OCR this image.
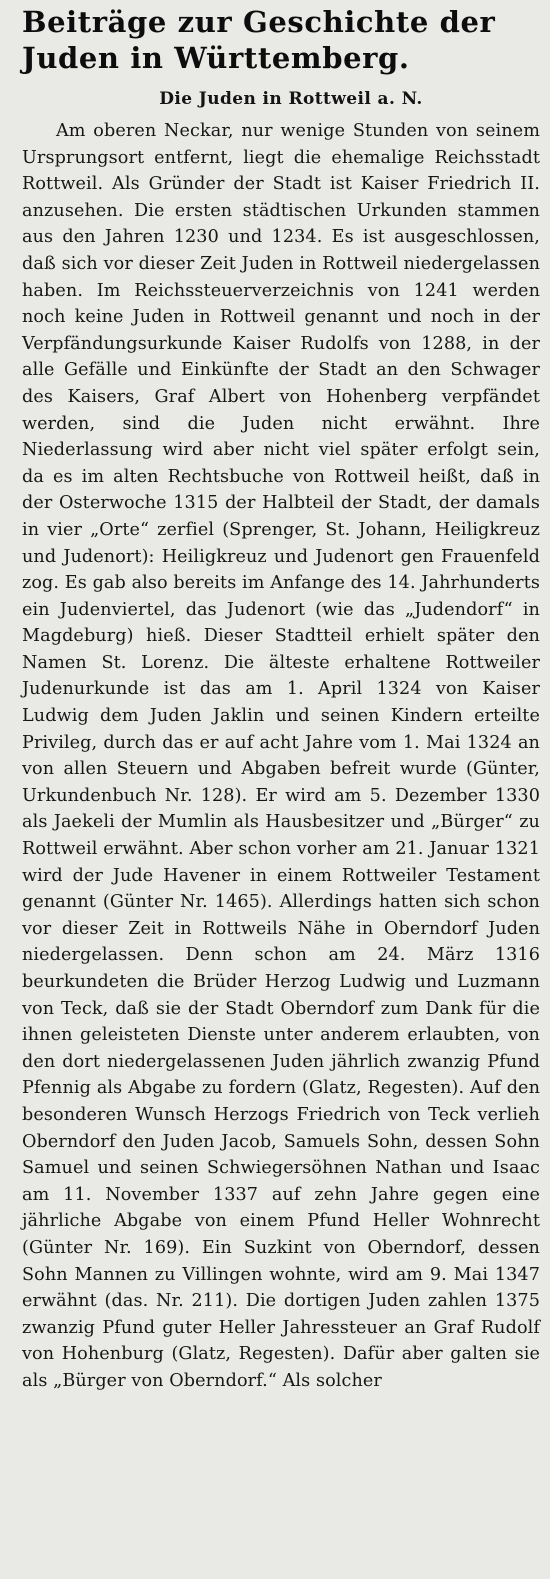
Beiträge zur Geschichte der Juden in Württemberg.
Die Juden in Rottweil a. N.

Am oberen Neckar, nur wenige Stunden von seinem Ursprungsort entfernt, liegt die ehemalige Reichsstadt Rottweil. Als Gründer der Stadt ist Kaiser Friedrich II. anzusehen. Die ersten städtischen Urkunden stammen aus den Jahren 1230 und 1234. Es ist ausgeschlossen, daß sich vor dieser Zeit Juden in Rottweil niedergelassen haben. Im Reichssteuerverzeichnis von 1241 werden noch keine Juden in Rottweil genannt und noch in der Verpfändungsurkunde Kaiser Rudolfs von 1288, in der alle Gefälle und Einkünfte der Stadt an den Schwager des Kaisers, Graf Albert von Hohenberg verpfändet werden, sind die Juden nicht erwähnt. Ihre Niederlassung wird aber nicht viel später erfolgt sein, da es im alten Rechtsbuche von Rottweil heißt, daß in der Osterwoche 1315 der Halbteil der Stadt, der damals in vier „Orte“ zerfiel (Sprenger, St. Johann, Heiligkreuz und Judenort): Heiligkreuz und Judenort gen Frauenfeld zog. Es gab also bereits im Anfange des 14. Jahrhunderts ein Judenviertel, das Judenort (wie das „Judendorf“ in Magdeburg) hieß. Dieser Stadtteil erhielt später den Namen St. Lorenz. Die älteste erhaltene Rottweiler Judenurkunde ist das am 1. April 1324 von Kaiser Ludwig dem Juden Jaklin und seinen Kindern erteilte Privileg, durch das er auf acht Jahre vom 1. Mai 1324 an von allen Steuern und Abgaben befreit wurde (Günter, Urkundenbuch Nr. 128). Er wird am 5. Dezember 1330 als Jaekeli der Mumlin als Hausbesitzer und „Bürger“ zu Rottweil erwähnt. Aber schon vorher am 21. Januar 1321 wird der Jude Havener in einem Rottweiler Testament genannt (Günter Nr. 1465). Allerdings hatten sich schon vor dieser Zeit in Rottweils Nähe in Oberndorf Juden niedergelassen. Denn schon am 24. März 1316 beurkundeten die Brüder Herzog Ludwig und Luzmann von Teck, daß sie der Stadt Oberndorf zum Dank für die ihnen geleisteten Dienste unter anderem erlaubten, von den dort niedergelassenen Juden jährlich zwanzig Pfund Pfennig als Abgabe zu fordern (Glatz, Regesten). Auf den besonderen Wunsch Herzogs Friedrich von Teck verlieh Oberndorf den Juden Jacob, Samuels Sohn, dessen Sohn Samuel und seinen Schwiegersöhnen Nathan und Isaac am 11. November 1337 auf zehn Jahre gegen eine jährliche Abgabe von einem Pfund Heller Wohnrecht (Günter Nr. 169). Ein Suzkint von Oberndorf, dessen Sohn Mannen zu Villingen wohnte, wird am 9. Mai 1347 erwähnt (das. Nr. 211). Die dortigen Juden zahlen 1375 zwanzig Pfund guter Heller Jahressteuer an Graf Rudolf von Hohenburg (Glatz, Regesten). Dafür aber galten sie als „Bürger von Oberndorf.“ Als solcher
